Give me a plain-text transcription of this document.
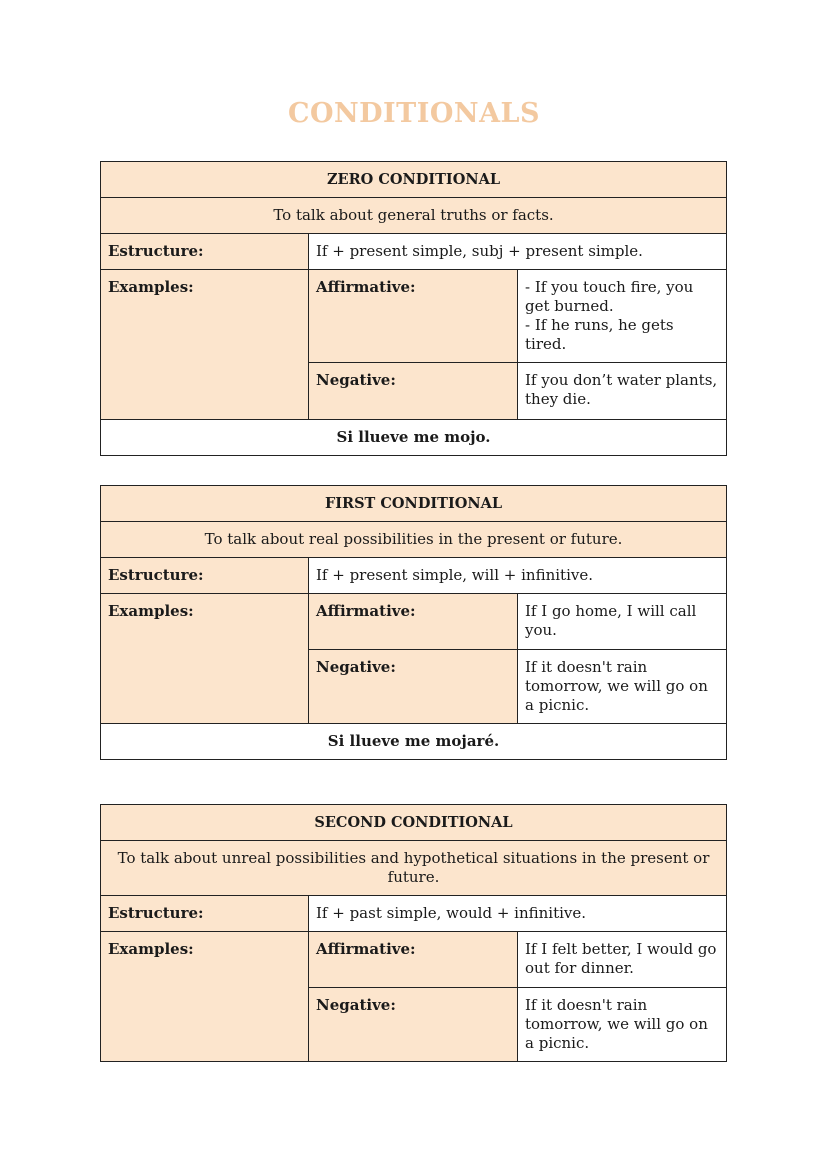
CONDITIONALS
ZERO CONDITIONAL		
To talk about general truths or facts.		
Estructure:	If + present simple, subj + present simple.	
Examples:	Affirmative:	- If you touch fire, you get burned.
- If he runs, he gets tired.

	Negative:	If you don’t water plants, they die.
Si llueve me mojo.		
FIRST CONDITIONAL		
To talk about real possibilities in the present or future.		
Estructure:	If + present simple, will + infinitive.	
Examples:	Affirmative:	If I go home, I will call you.

	Negative:	If it doesn't rain tomorrow, we will go on a picnic.
Si llueve me mojaré.		
SECOND CONDITIONAL		
To talk about unreal possibilities and hypothetical situations in the present or future.		
Estructure:	If + past simple, would + infinitive.	
Examples:	Affirmative:	If I felt better, I would go out for dinner.

	Negative:	If it doesn't rain tomorrow, we will go on a picnic.
